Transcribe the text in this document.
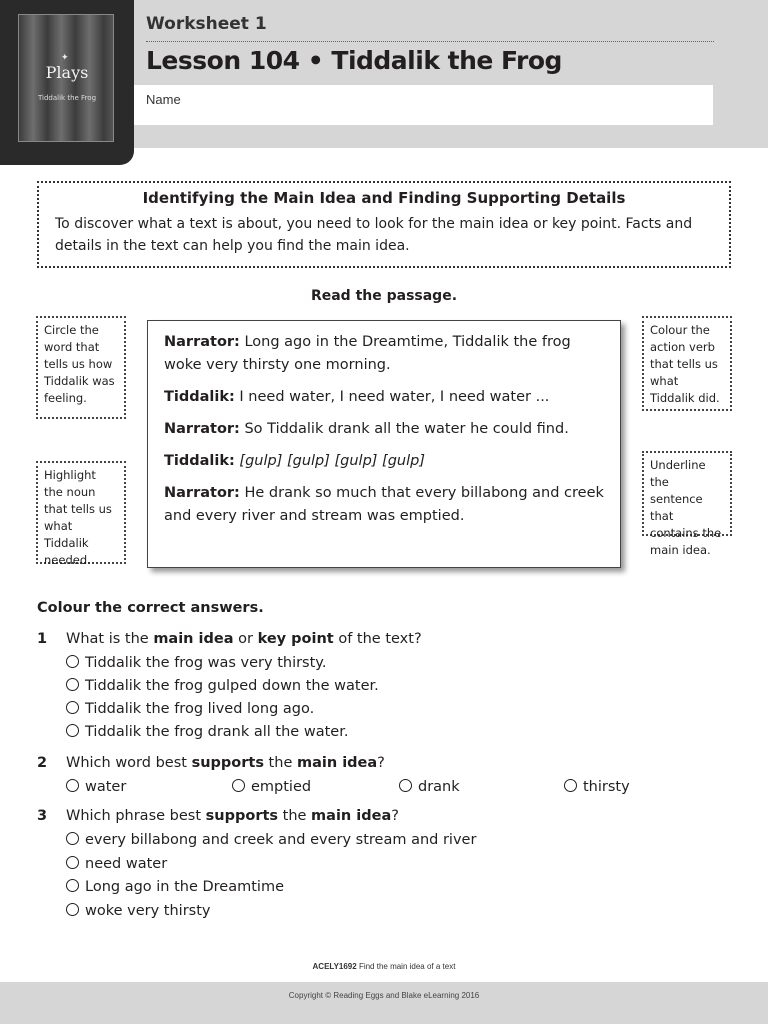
✦
Plays
Tiddalik the Frog
Worksheet 1
Lesson 104 • Tiddalik the Frog
Name
Identifying the Main Idea and Finding Supporting Details
To discover what a text is about, you need to look for the main idea or key point. Facts and details in the text can help you find the main idea.
Read the passage.
Circle the word that tells us how Tiddalik was feeling.
Highlight the noun that tells us what Tiddalik needed.
Colour the action verb that tells us what Tiddalik did.
Underline the sentence that contains the main idea.

Narrator: Long ago in the Dreamtime, Tiddalik the frog woke very thirsty one morning.

Tiddalik: I need water, I need water, I need water ...

Narrator: So Tiddalik drank all the water he could find.

Tiddalik: [gulp] [gulp] [gulp] [gulp]

Narrator: He drank so much that every billabong and creek and every river and stream was emptied.

Colour the correct answers.
1 What is the main idea or key point of the text?
Tiddalik the frog was very thirsty.
Tiddalik the frog gulped down the water.
Tiddalik the frog lived long ago.
Tiddalik the frog drank all the water.
2 Which word best supports the main idea?
water	emptied	drank	thirsty
3 Which phrase best supports the main idea?
every billabong and creek and every stream and river
need water
Long ago in the Dreamtime
woke very thirsty
ACELY1692 Find the main idea of a text
Copyright © Reading Eggs and Blake eLearning 2016
